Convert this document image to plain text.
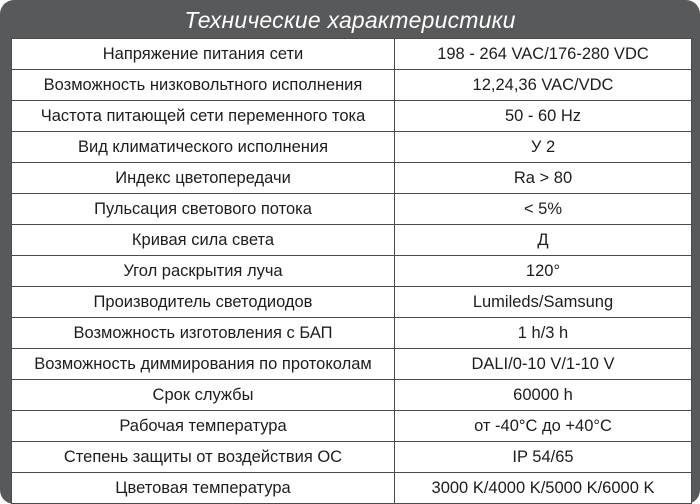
Технические характеристики
Напряжение питания сети	198 - 264 VAC/176-280 VDC
Возможность низковольтного исполнения	12,24,36 VAC/VDC
Частота питающей сети переменного тока	50 - 60 Hz
Вид климатического исполнения	У 2
Индекс цветопередачи	Ra > 80
Пульсация светового потока	< 5%
Кривая сила света	Д
Угол раскрытия луча	120°
Производитель светодиодов	Lumileds/Samsung
Возможность изготовления с БАП	1 h/3 h
Возможность диммирования по протоколам	DALI/0-10 V/1-10 V
Срок службы	60000 h
Рабочая температура	от -40°C до +40°C
Степень защиты от воздействия ОС	IP 54/65
Цветовая температура	3000 K/4000 K/5000 K/6000 K
